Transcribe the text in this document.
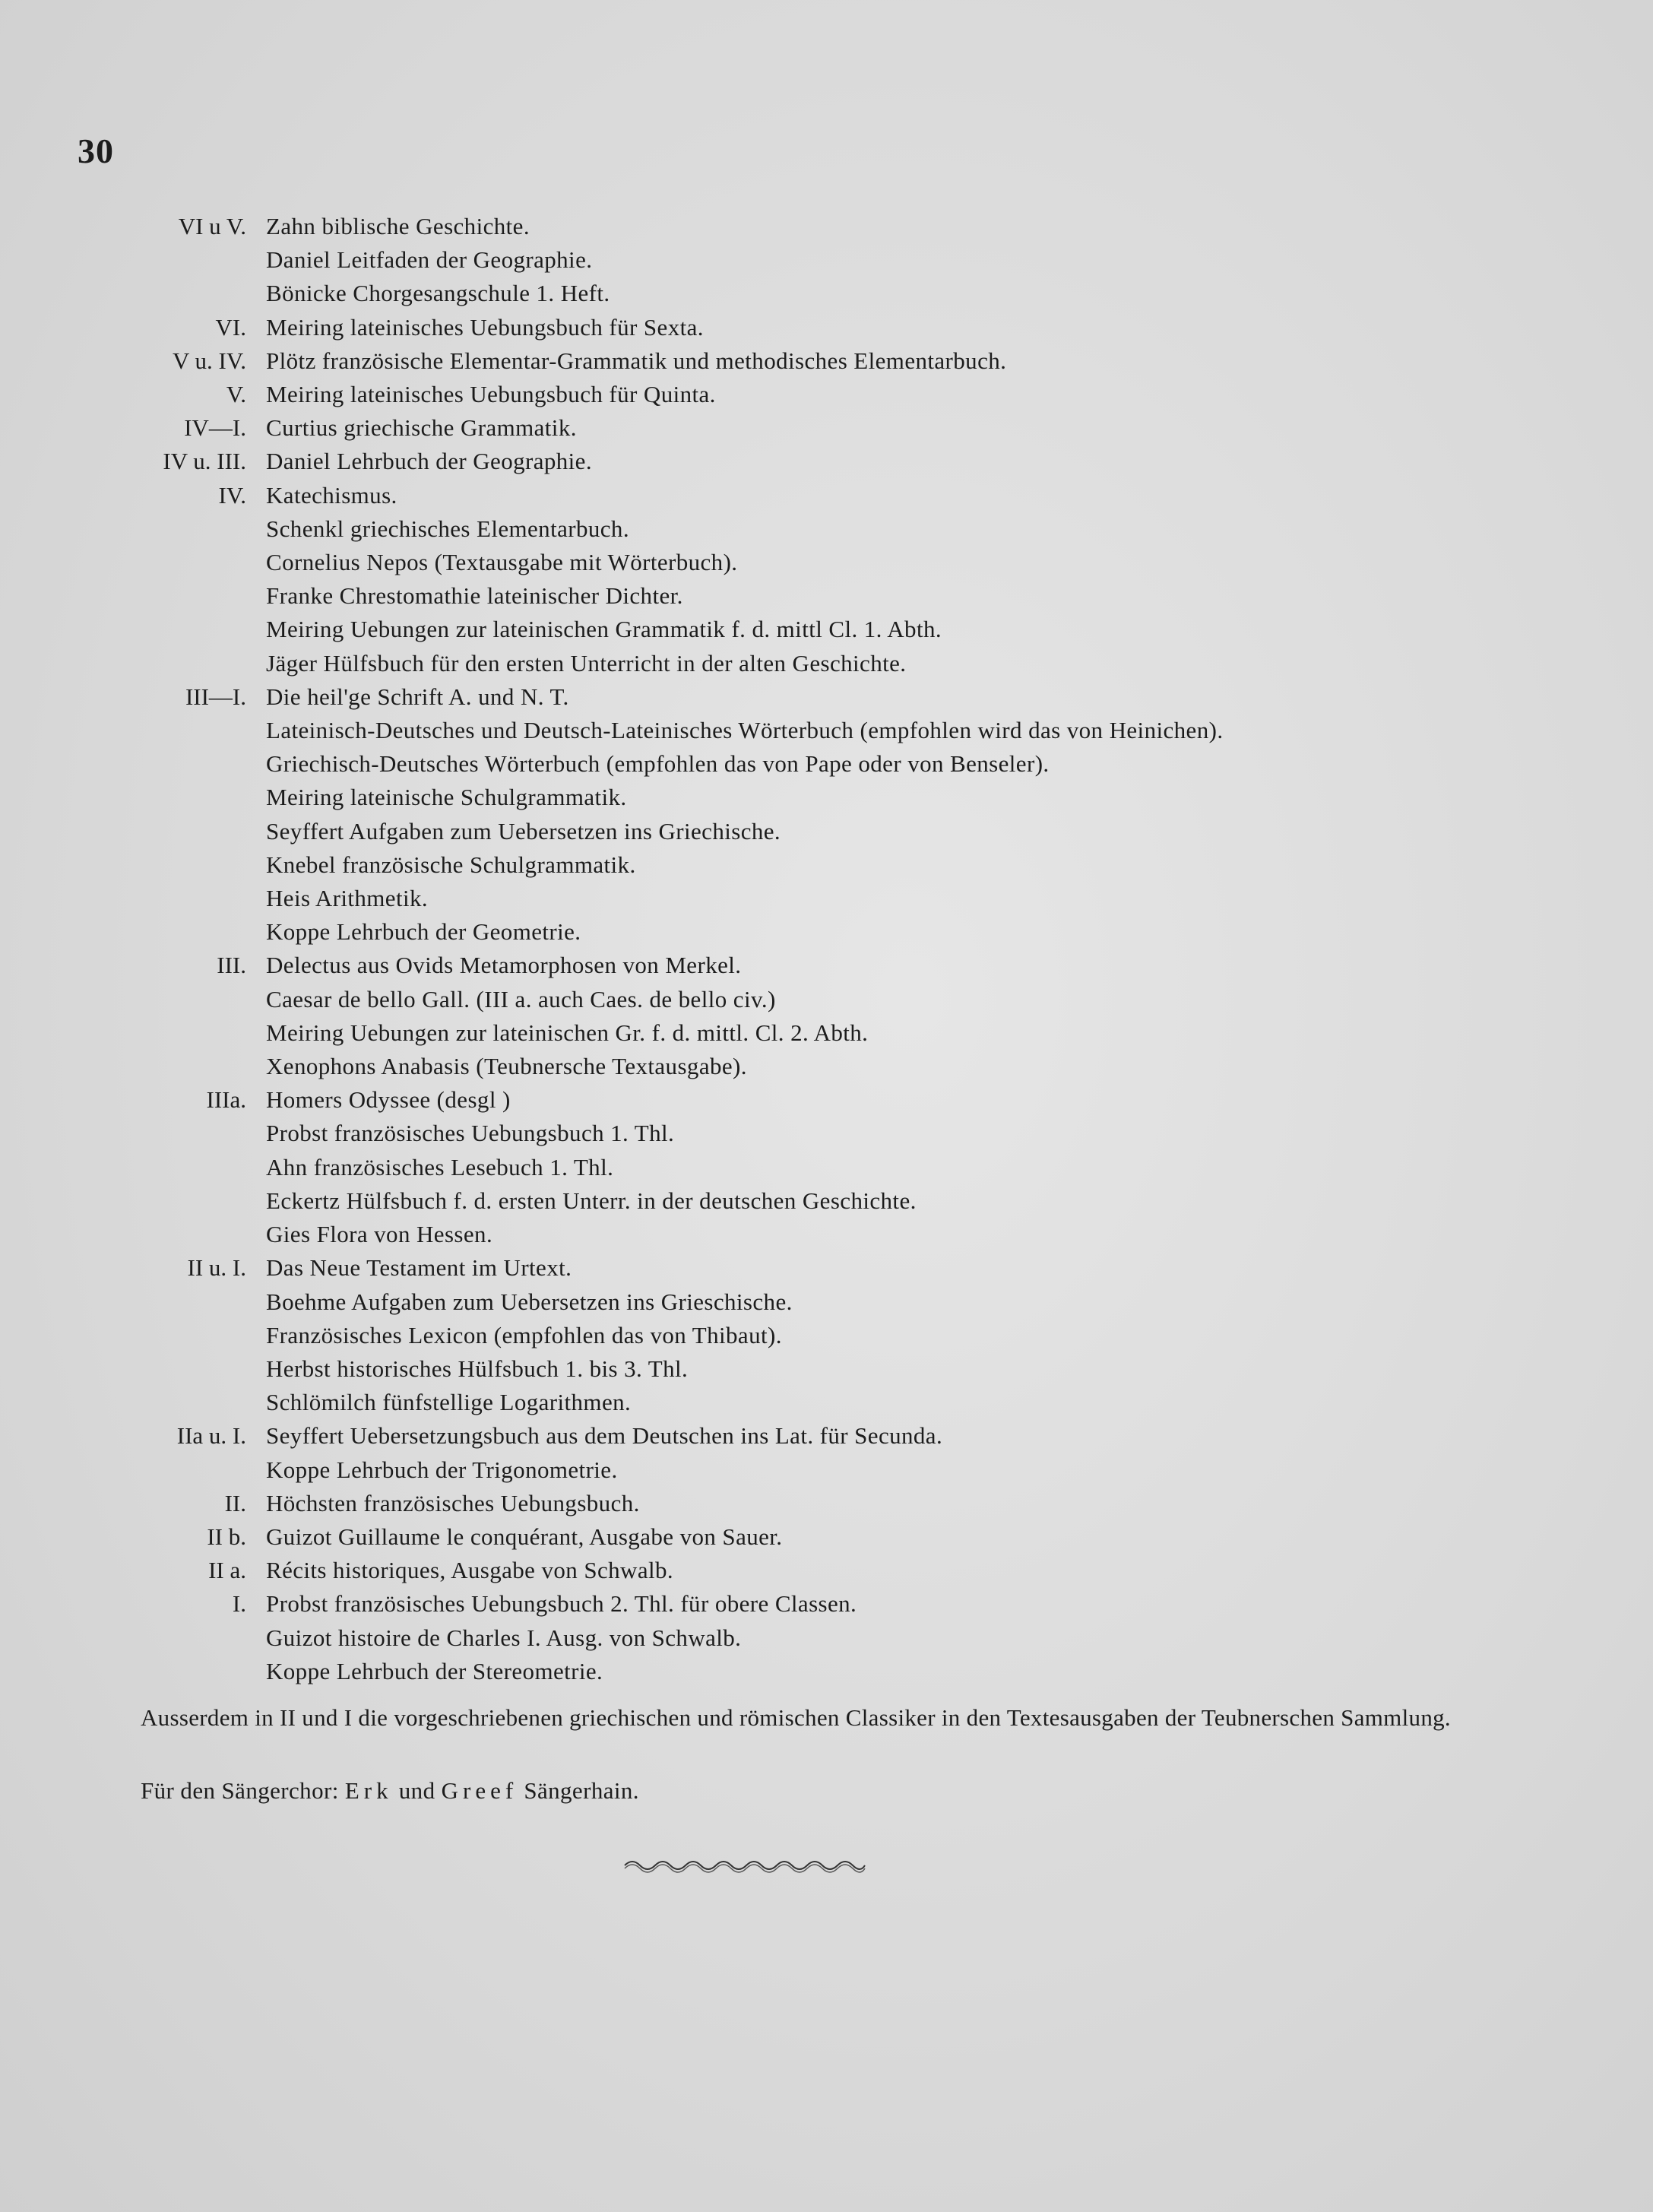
30
VI u V. Zahn biblische Geschichte.
Daniel Leitfaden der Geographie.
Bönicke Chorgesangschule 1. Heft.
VI. Meiring lateinisches Uebungsbuch für Sexta.
V u. IV. Plötz französische Elementar-Grammatik und methodisches Elementarbuch.
V. Meiring lateinisches Uebungsbuch für Quinta.
IV—I. Curtius griechische Grammatik.
IV u. III. Daniel Lehrbuch der Geographie.
IV. Katechismus.
Schenkl griechisches Elementarbuch.
Cornelius Nepos (Textausgabe mit Wörterbuch).
Franke Chrestomathie lateinischer Dichter.
Meiring Uebungen zur lateinischen Grammatik f. d. mittl Cl. 1. Abth.
Jäger Hülfsbuch für den ersten Unterricht in der alten Geschichte.
III—I. Die heil'ge Schrift A. und N. T.
Lateinisch-Deutsches und Deutsch-Lateinisches Wörterbuch (empfohlen wird das von Heinichen).
Griechisch-Deutsches Wörterbuch (empfohlen das von Pape oder von Benseler).
Meiring lateinische Schulgrammatik.
Seyffert Aufgaben zum Uebersetzen ins Griechische.
Knebel französische Schulgrammatik.
Heis Arithmetik.
Koppe Lehrbuch der Geometrie.
III. Delectus aus Ovids Metamorphosen von Merkel.
Caesar de bello Gall. (III a. auch Caes. de bello civ.)
Meiring Uebungen zur lateinischen Gr. f. d. mittl. Cl. 2. Abth.
Xenophons Anabasis (Teubnersche Textausgabe).
IIIa. Homers Odyssee (desgl )
Probst französisches Uebungsbuch 1. Thl.
Ahn französisches Lesebuch 1. Thl.
Eckertz Hülfsbuch f. d. ersten Unterr. in der deutschen Geschichte.
Gies Flora von Hessen.
II u. I. Das Neue Testament im Urtext.
Boehme Aufgaben zum Uebersetzen ins Grieschische.
Französisches Lexicon (empfohlen das von Thibaut).
Herbst historisches Hülfsbuch 1. bis 3. Thl.
Schlömilch fünfstellige Logarithmen.
IIa u. I. Seyffert Uebersetzungsbuch aus dem Deutschen ins Lat. für Secunda.
Koppe Lehrbuch der Trigonometrie.
II. Höchsten französisches Uebungsbuch.
II b. Guizot Guillaume le conquérant, Ausgabe von Sauer.
II a. Récits historiques, Ausgabe von Schwalb.
I. Probst französisches Uebungsbuch 2. Thl. für obere Classen.
Guizot histoire de Charles I. Ausg. von Schwalb.
Koppe Lehrbuch der Stereometrie.
Ausserdem in II und I die vorgeschriebenen griechischen und römischen Classiker in den Textesausgaben der Teubnerschen Sammlung.
Für den Sängerchor: Erk und Greef Sängerhain.
